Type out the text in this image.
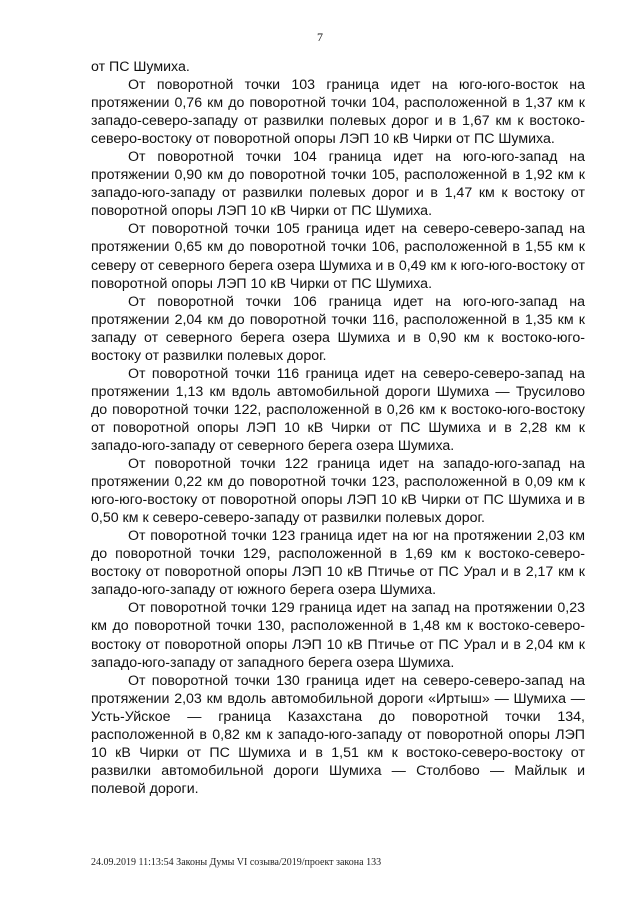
7

от ПС Шумиха.

От поворотной точки 103 граница идет на юго-юго-восток на протяжении 0,76 км до поворотной точки 104, расположенной в 1,37 км к западо-северо-западу от развилки полевых дорог и в 1,67 км к востоко-северо-востоку от поворотной опоры ЛЭП 10 кВ Чирки от ПС Шумиха.

От поворотной точки 104 граница идет на юго-юго-запад на протяжении 0,90 км до поворотной точки 105, расположенной в 1,92 км к западо-юго-западу от развилки полевых дорог и в 1,47 км к востоку от поворотной опоры ЛЭП 10 кВ Чирки от ПС Шумиха.

От поворотной точки 105 граница идет на северо-северо-запад на протяжении 0,65 км до поворотной точки 106, расположенной в 1,55 км к северу от северного берега озера Шумиха и в 0,49 км к юго-юго-востоку от поворотной опоры ЛЭП 10 кВ Чирки от ПС Шумиха.

От поворотной точки 106 граница идет на юго-юго-запад на протяжении 2,04 км до поворотной точки 116, расположенной в 1,35 км к западу от северного берега озера Шумиха и в 0,90 км к востоко-юго-востоку от развилки полевых дорог.

От поворотной точки 116 граница идет на северо-северо-запад на протяжении 1,13 км вдоль автомобильной дороги Шумиха — Трусилово до поворотной точки 122, расположенной в 0,26 км к востоко-юго-востоку от поворотной опоры ЛЭП 10 кВ Чирки от ПС Шумиха и в 2,28 км к западо-юго-западу от северного берега озера Шумиха.

От поворотной точки 122 граница идет на западо-юго-запад на протяжении 0,22 км до поворотной точки 123, расположенной в 0,09 км к юго-юго-востоку от поворотной опоры ЛЭП 10 кВ Чирки от ПС Шумиха и в 0,50 км к северо-северо-западу от развилки полевых дорог.

От поворотной точки 123 граница идет на юг на протяжении 2,03 км до поворотной точки 129, расположенной в 1,69 км к востоко-северо-востоку от поворотной опоры ЛЭП 10 кВ Птичье от ПС Урал и в 2,17 км к западо-юго-западу от южного берега озера Шумиха.

От поворотной точки 129 граница идет на запад на протяжении 0,23 км до поворотной точки 130, расположенной в 1,48 км к востоко-северо-востоку от поворотной опоры ЛЭП 10 кВ Птичье от ПС Урал и в 2,04 км к западо-юго-западу от западного берега озера Шумиха.

От поворотной точки 130 граница идет на северо-северо-запад на протяжении 2,03 км вдоль автомобильной дороги «Иртыш» — Шумиха — Усть-Уйское — граница Казахстана до поворотной точки 134, расположенной в 0,82 км к западо-юго-западу от поворотной опоры ЛЭП 10 кВ Чирки от ПС Шумиха и в 1,51 км к востоко-северо-востоку от развилки автомобильной дороги Шумиха — Столбово — Майлык и полевой дороги.

24.09.2019 11:13:54 Законы Думы VI созыва/2019/проект закона 133
